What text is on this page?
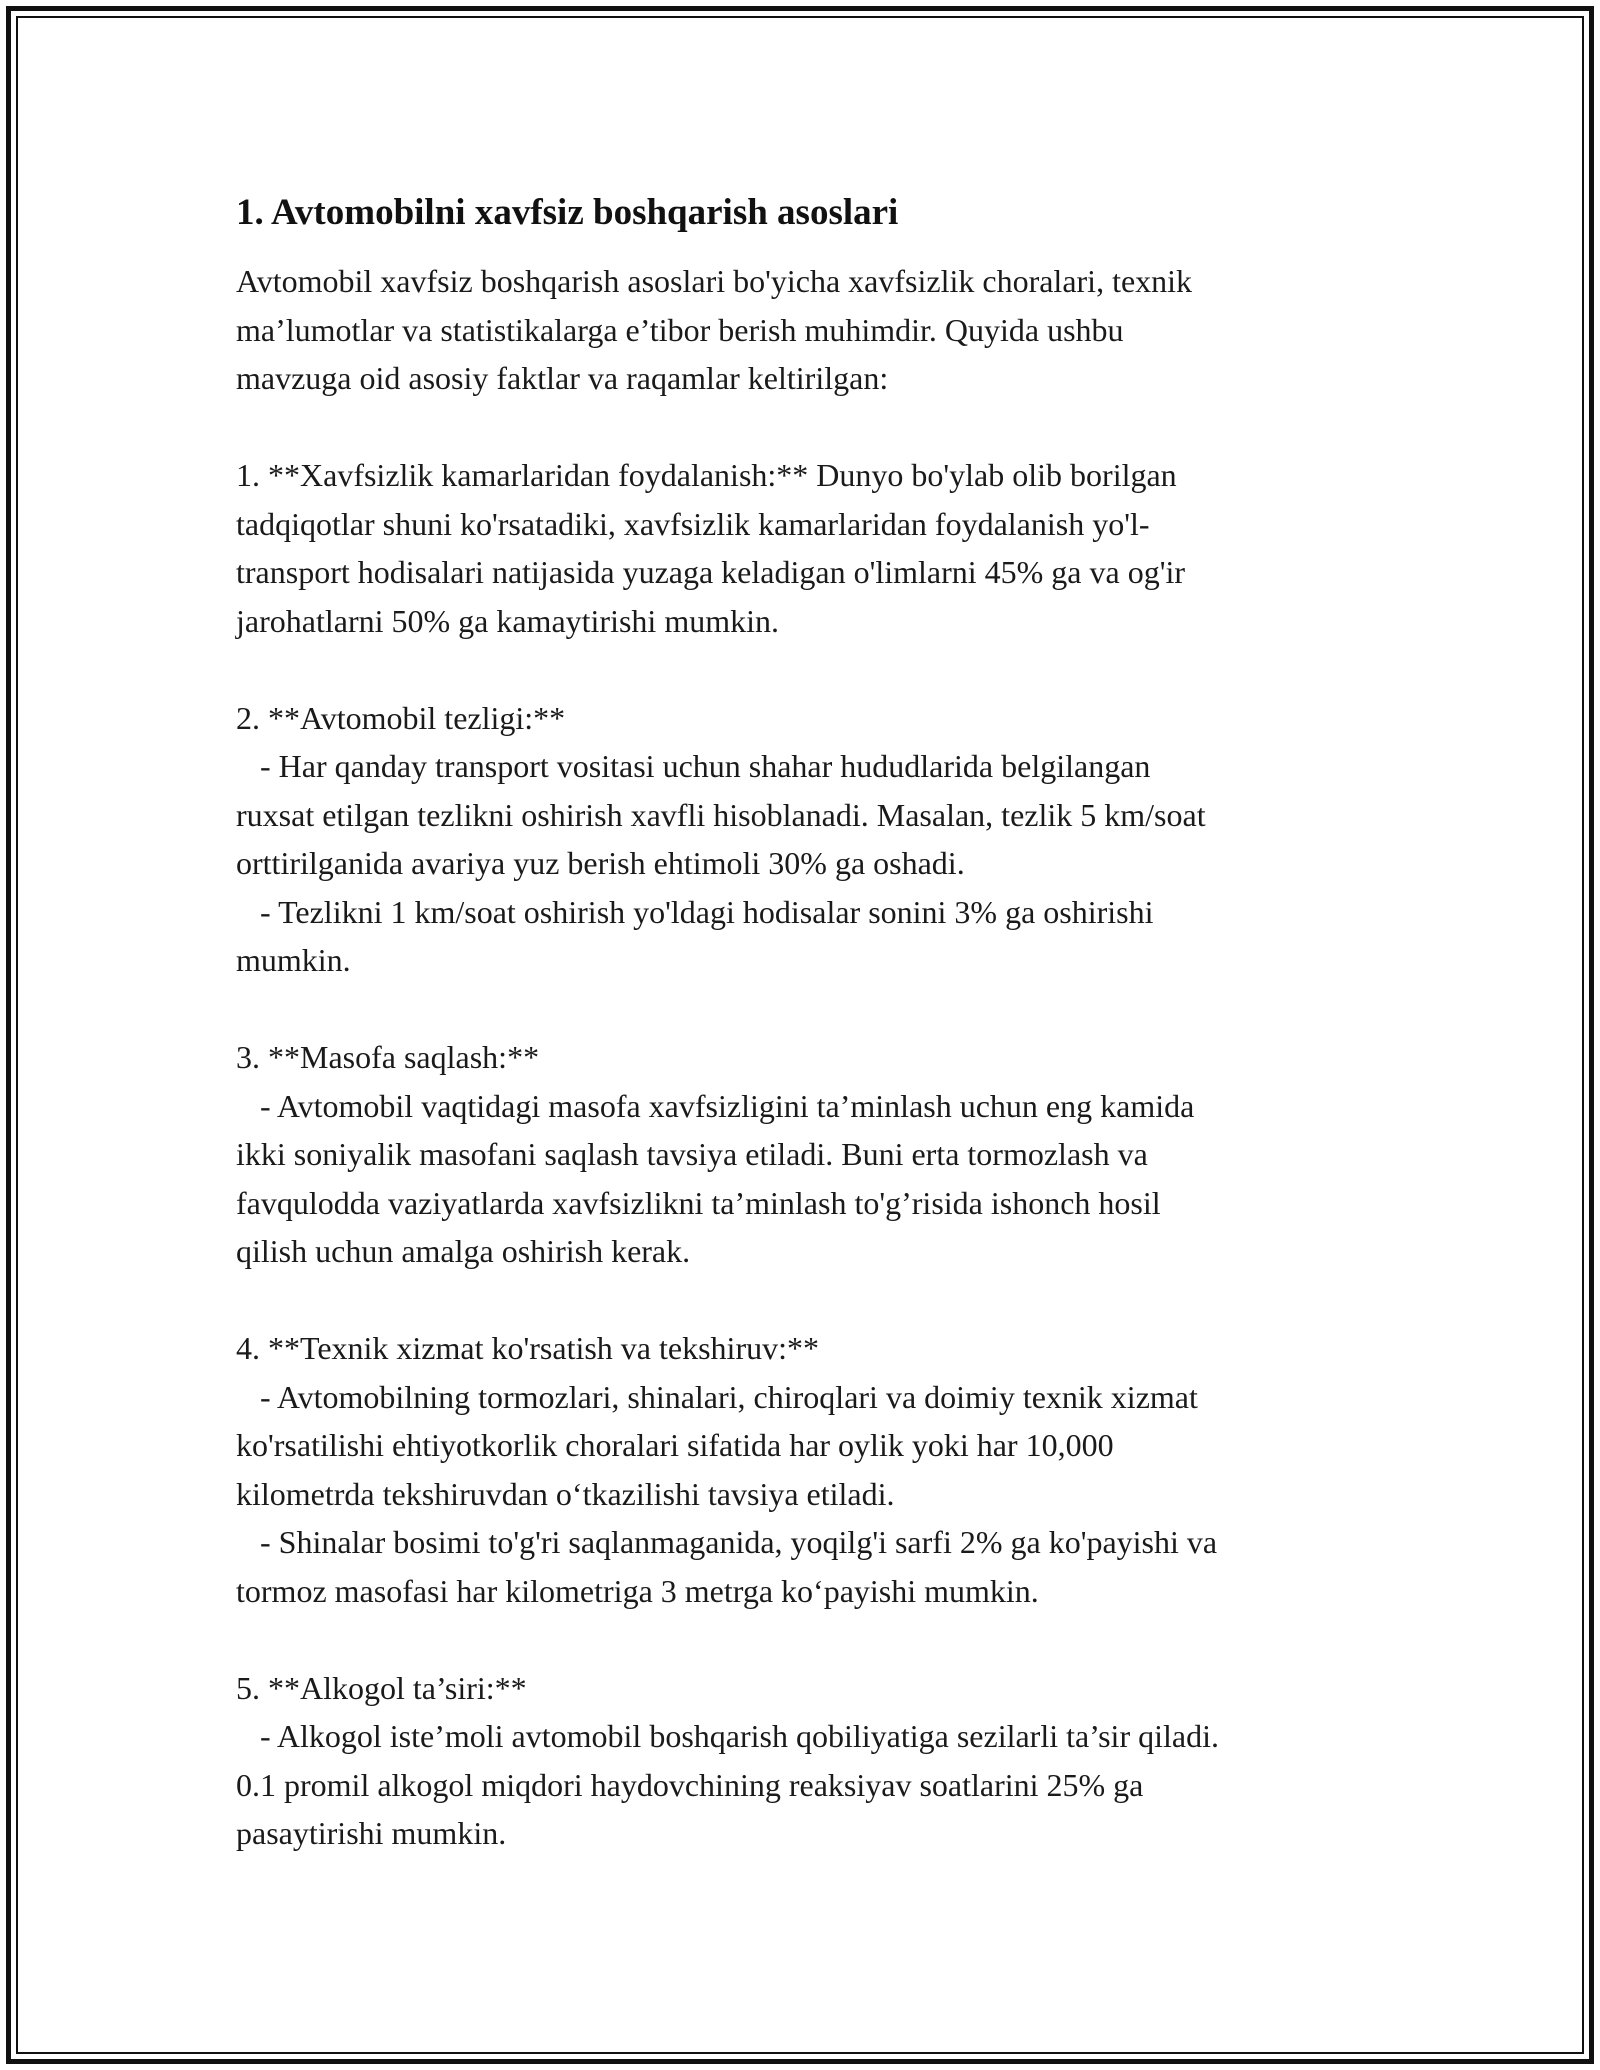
1. Avtomobilni xavfsiz boshqarish asoslari

Avtomobil xavfsiz boshqarish asoslari bo'yicha xavfsizlik choralari, texnik
ma’lumotlar va statistikalarga e’tibor berish muhimdir. Quyida ushbu
mavzuga oid asosiy faktlar va raqamlar keltirilgan:

1. **Xavfsizlik kamarlaridan foydalanish:** Dunyo bo'ylab olib borilgan
tadqiqotlar shuni ko'rsatadiki, xavfsizlik kamarlaridan foydalanish yo'l-
transport hodisalari natijasida yuzaga keladigan o'limlarni 45% ga va og'ir
jarohatlarni 50% ga kamaytirishi mumkin.

2. **Avtomobil tezligi:**
- Har qanday transport vositasi uchun shahar hududlarida belgilangan
ruxsat etilgan tezlikni oshirish xavfli hisoblanadi. Masalan, tezlik 5 km/soat
orttirilganida avariya yuz berish ehtimoli 30% ga oshadi.
- Tezlikni 1 km/soat oshirish yo'ldagi hodisalar sonini 3% ga oshirishi
mumkin.

3. **Masofa saqlash:**
- Avtomobil vaqtidagi masofa xavfsizligini ta’minlash uchun eng kamida
ikki soniyalik masofani saqlash tavsiya etiladi. Buni erta tormozlash va
favqulodda vaziyatlarda xavfsizlikni ta’minlash to'g’risida ishonch hosil
qilish uchun amalga oshirish kerak.

4. **Texnik xizmat ko'rsatish va tekshiruv:**
- Avtomobilning tormozlari, shinalari, chiroqlari va doimiy texnik xizmat
ko'rsatilishi ehtiyotkorlik choralari sifatida har oylik yoki har 10,000
kilometrda tekshiruvdan o‘tkazilishi tavsiya etiladi.
- Shinalar bosimi to'g'ri saqlanmaganida, yoqilg'i sarfi 2% ga ko'payishi va
tormoz masofasi har kilometriga 3 metrga ko‘payishi mumkin.

5. **Alkogol ta’siri:**
- Alkogol iste’moli avtomobil boshqarish qobiliyatiga sezilarli ta’sir qiladi.
0.1 promil alkogol miqdori haydovchining reaksiyav soatlarini 25% ga
pasaytirishi mumkin.
